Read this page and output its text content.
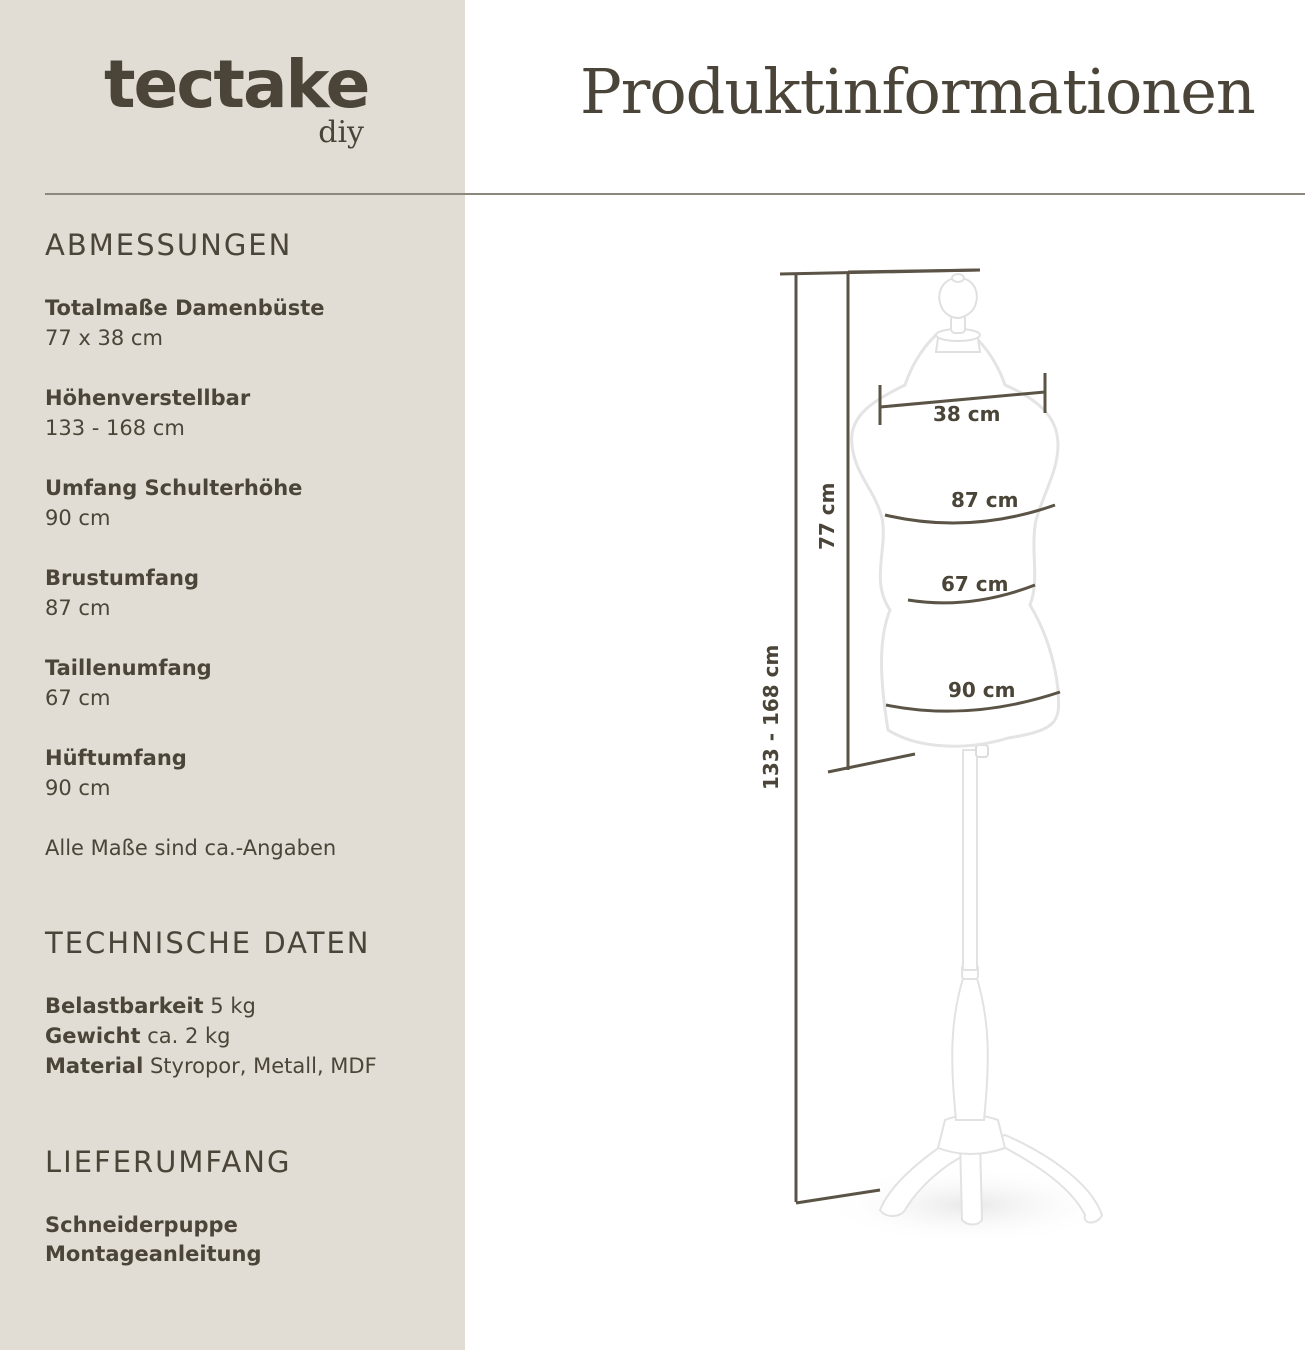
tectake
diy
Produktinformationen
ABMESSUNGEN
Totalmaße Damenbüste
77 x 38 cm
Höhenverstellbar
133 - 168 cm
Umfang Schulterhöhe
90 cm
Brustumfang
87 cm
Taillenumfang
67 cm
Hüftumfang
90 cm
Alle Maße sind ca.-Angaben
TECHNISCHE DATEN
Belastbarkeit 5 kg
Gewicht ca. 2 kg
Material Styropor, Metall, MDF
LIEFERUMFANG
Schneiderpuppe
Montageanleitung
38 cm
87 cm
67 cm
90 cm
77 cm
133 - 168 cm
